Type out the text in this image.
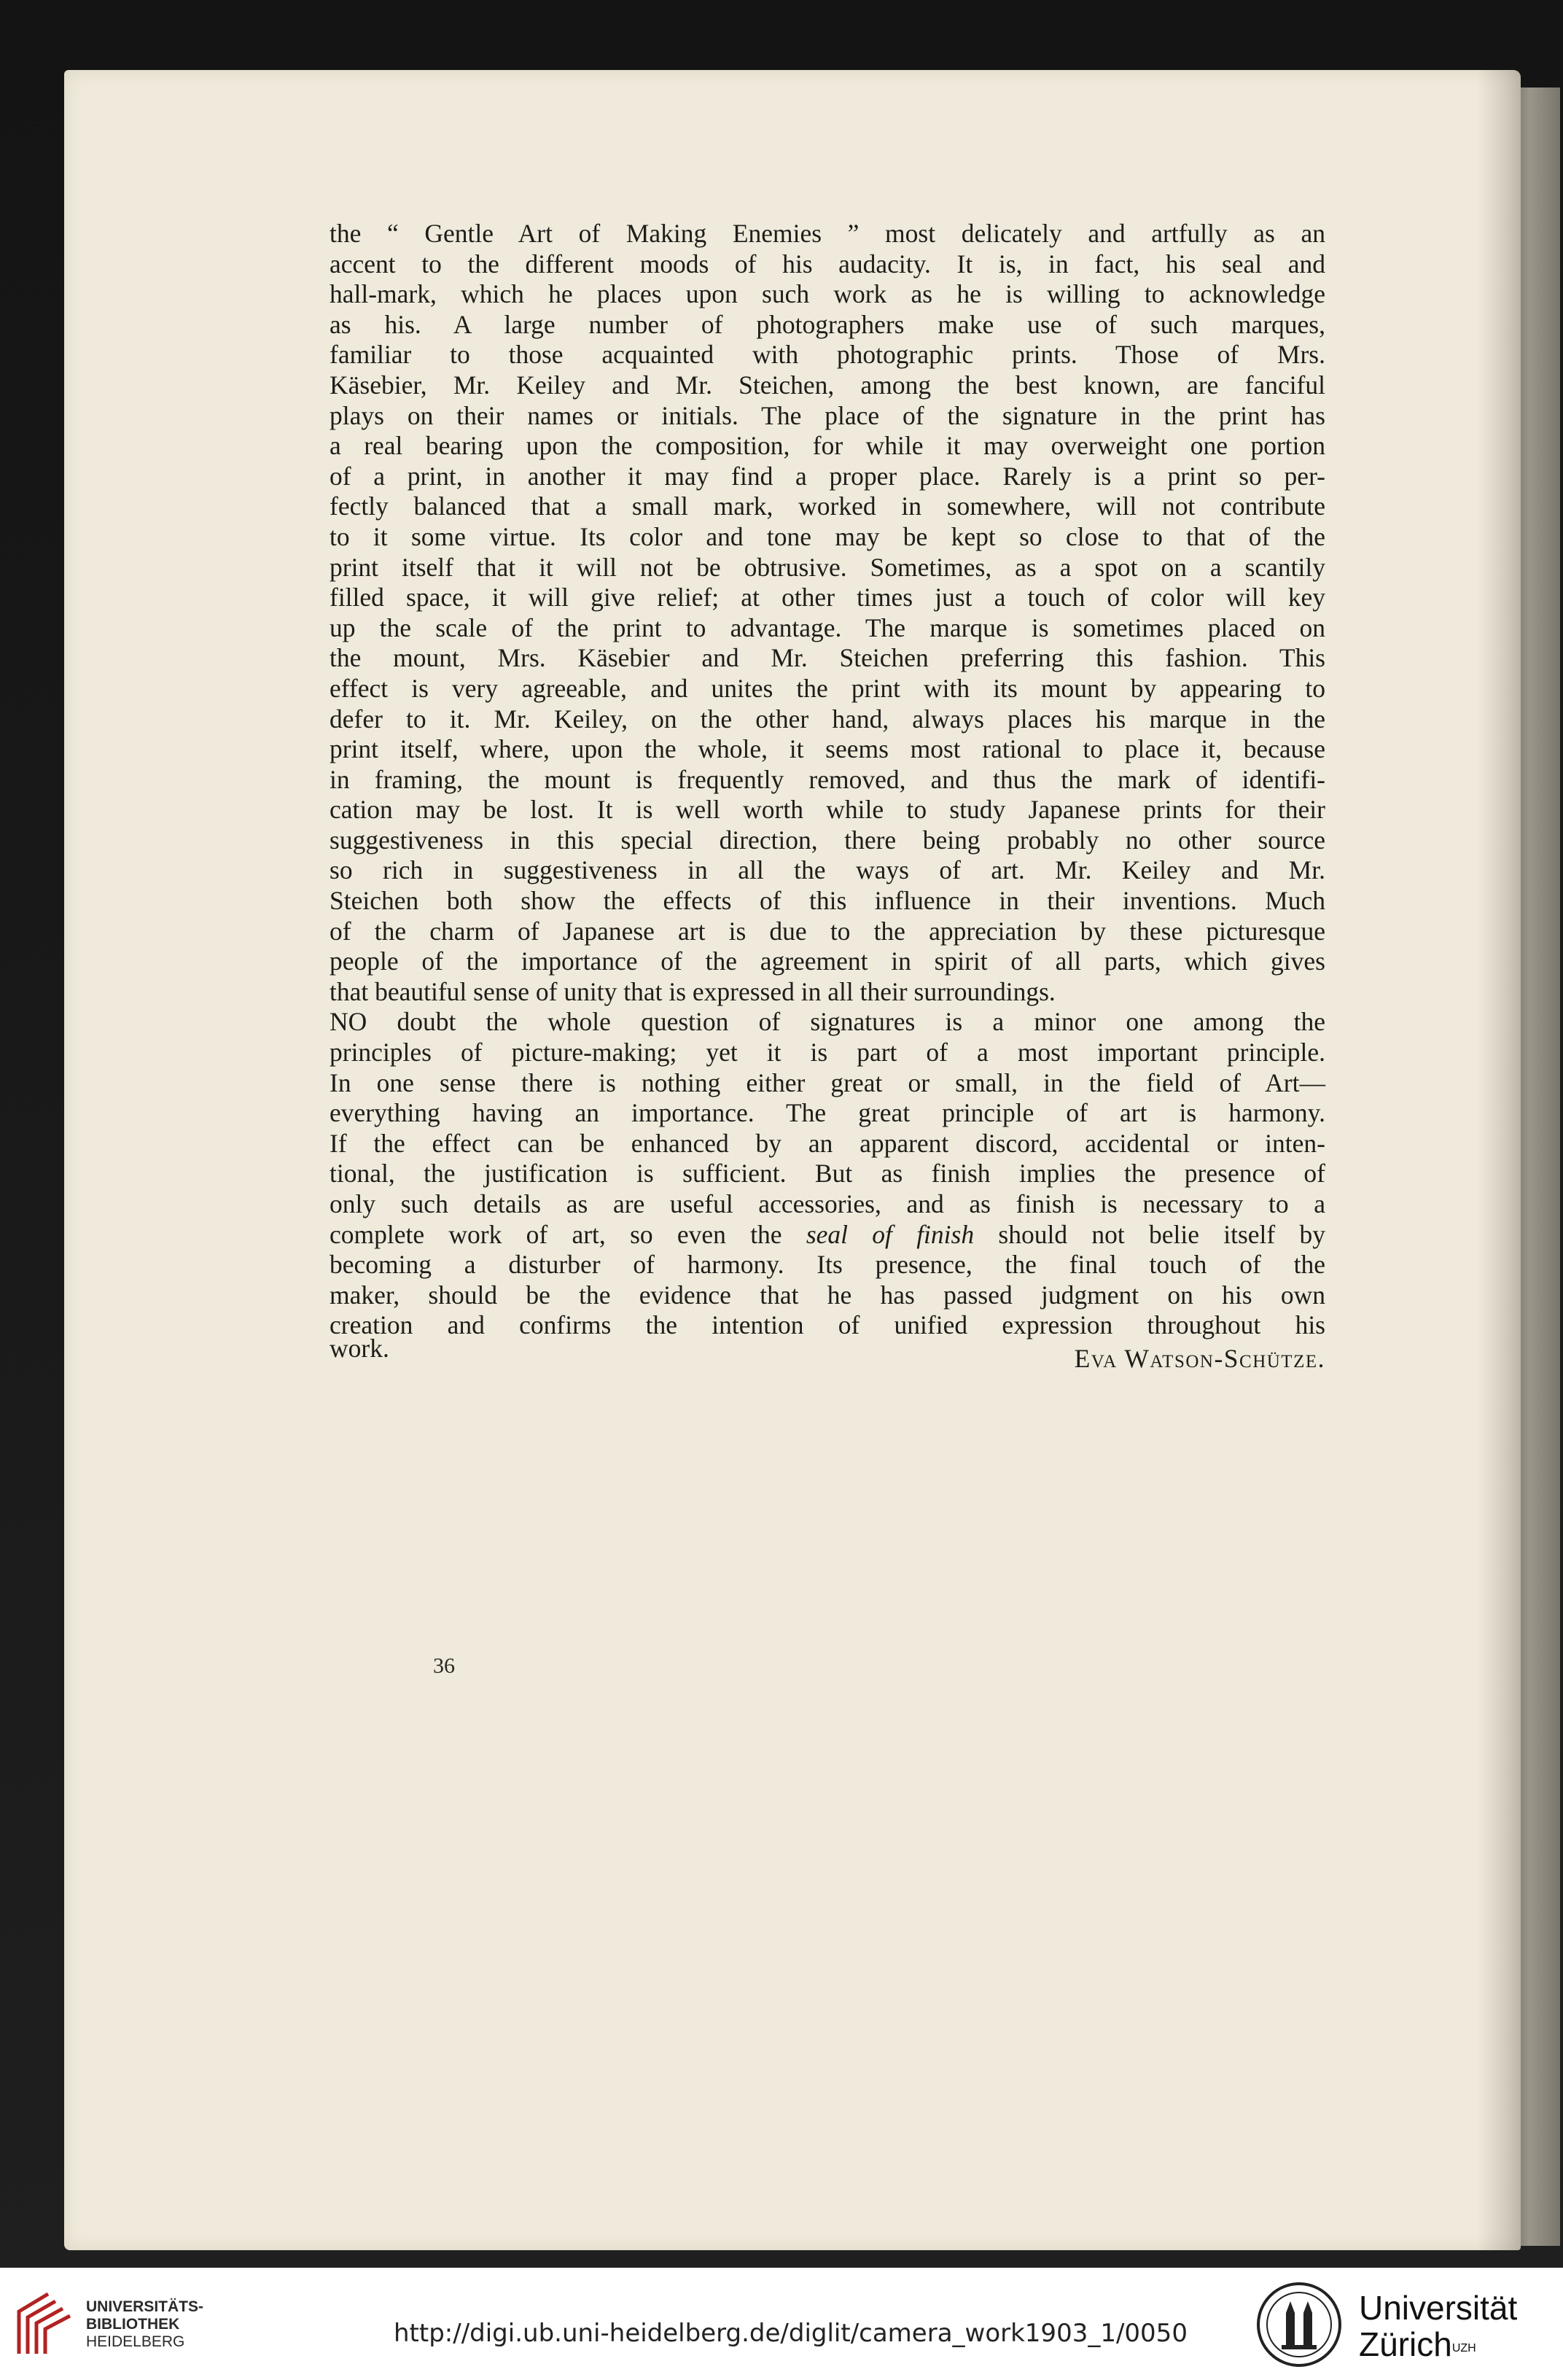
the “ Gentle Art of Making Enemies ” most delicately and artfully as an
accent to the different moods of his audacity. It is, in fact, his seal and
hall-mark, which he places upon such work as he is willing to acknowledge
as his. A large number of photographers make use of such marques,
familiar to those acquainted with photographic prints. Those of Mrs.
Käsebier, Mr. Keiley and Mr. Steichen, among the best known, are fanciful
plays on their names or initials. The place of the signature in the print has
a real bearing upon the composition, for while it may overweight one portion
of a print, in another it may find a proper place. Rarely is a print so per-
fectly balanced that a small mark, worked in somewhere, will not contribute
to it some virtue. Its color and tone may be kept so close to that of the
print itself that it will not be obtrusive. Sometimes, as a spot on a scantily
filled space, it will give relief; at other times just a touch of color will key
up the scale of the print to advantage. The marque is sometimes placed on
the mount, Mrs. Käsebier and Mr. Steichen preferring this fashion. This
effect is very agreeable, and unites the print with its mount by appearing to
defer to it. Mr. Keiley, on the other hand, always places his marque in the
print itself, where, upon the whole, it seems most rational to place it, because
in framing, the mount is frequently removed, and thus the mark of identifi-
cation may be lost. It is well worth while to study Japanese prints for their
suggestiveness in this special direction, there being probably no other source
so rich in suggestiveness in all the ways of art. Mr. Keiley and Mr.
Steichen both show the effects of this influence in their inventions. Much
of the charm of Japanese art is due to the appreciation by these picturesque
people of the importance of the agreement in spirit of all parts, which gives
that beautiful sense of unity that is expressed in all their surroundings.
NO doubt the whole question of signatures is a minor one among the
principles of picture-making; yet it is part of a most important principle.
In one sense there is nothing either great or small, in the field of Art—
everything having an importance. The great principle of art is harmony.
If the effect can be enhanced by an apparent discord, accidental or inten-
tional, the justification is sufficient. But as finish implies the presence of
only such details as are useful accessories, and as finish is necessary to a
complete work of art, so even the seal of finish should not belie itself by
becoming a disturber of harmony. Its presence, the final touch of the
maker, should be the evidence that he has passed judgment on his own
creation and confirms the intention of unified expression throughout his
work.	Eva Watson-Schütze.
36
UNIVERSITÄTS-
BIBLIOTHEK
HEIDELBERG	http://digi.ub.uni-heidelberg.de/diglit/camera_work1903_1/0050
Universität
Zürich$^{UZH}$
